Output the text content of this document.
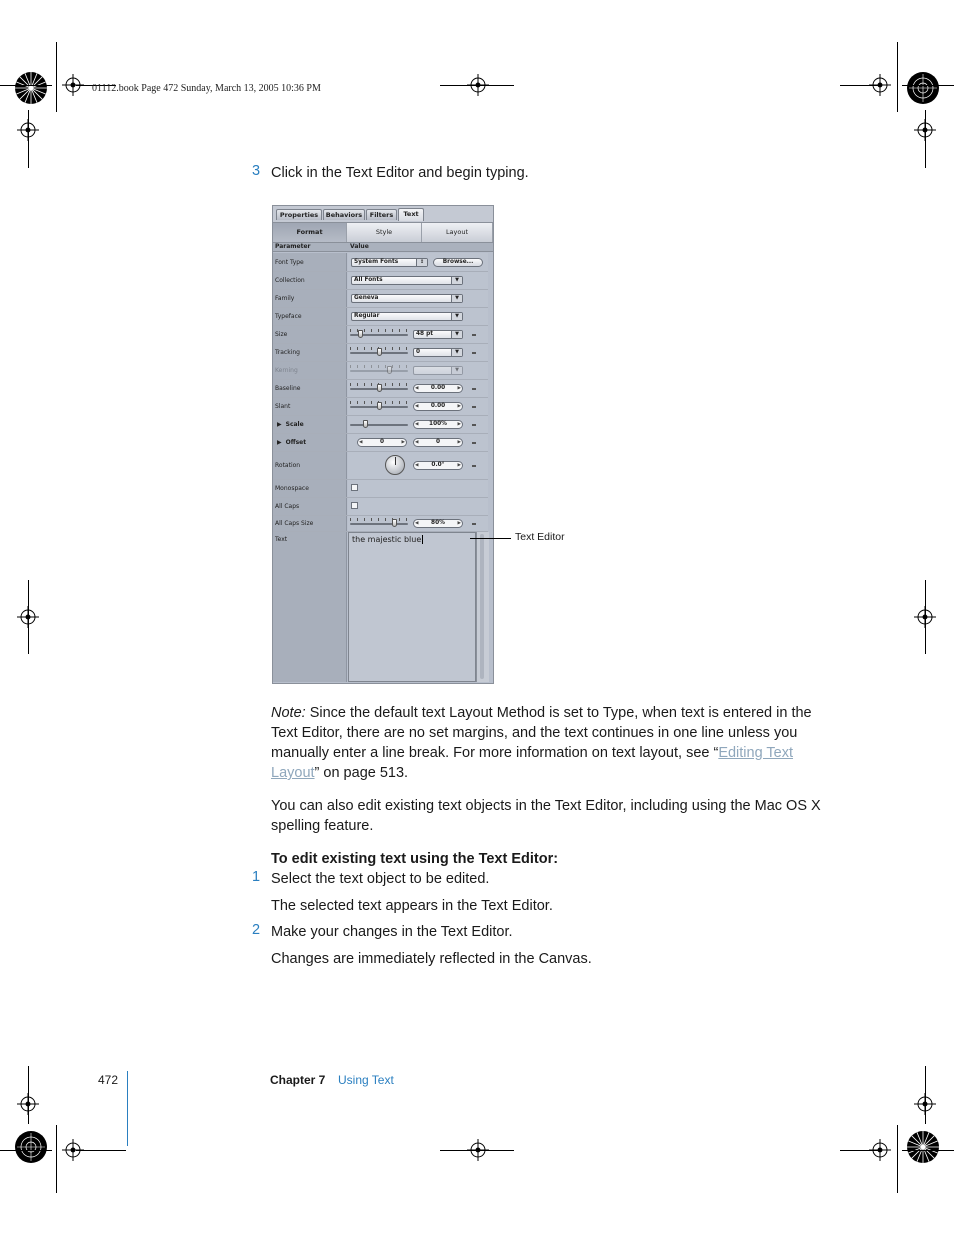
01112.book Page 472 Sunday, March 13, 2005 10:36 PM
3 Click in the Text Editor and begin typing.
Properties	Behaviors	Filters	Text
Format	Style	Layout
Parameter	Value
Font Type	System Fonts	↕	Browse...
Collection	All Fonts	▼
Family	Geneva	▼
Typeface	Regular	▼
Size	48 pt	▼
Tracking	0	▼
Kerning	▼
Baseline	◀ 0.00	▶
Slant	◀ 0.00	▶
▶ Scale	◀ 100% ▶
▶ Offset	◀	0	▶ ◀	0	▶
Rotation	◀ 0.0°	▶
Monospace
All Caps
All Caps Size	◀ 80%	▶
Text	the majestic blue	Text Editor
Note: Since the default text Layout Method is set to Type, when text is entered in the Text Editor, there are no set margins, and the text continues in one line unless you manually enter a line break. For more information on text layout, see “Editing Text Layout” on page 513.
You can also edit existing text objects in the Text Editor, including using the Mac OS X spelling feature.
To edit existing text using the Text Editor:
1 Select the text object to be edited.
The selected text appears in the Text Editor.
2 Make your changes in the Text Editor.
Changes are immediately reflected in the Canvas.
472	Chapter 7 Using Text
